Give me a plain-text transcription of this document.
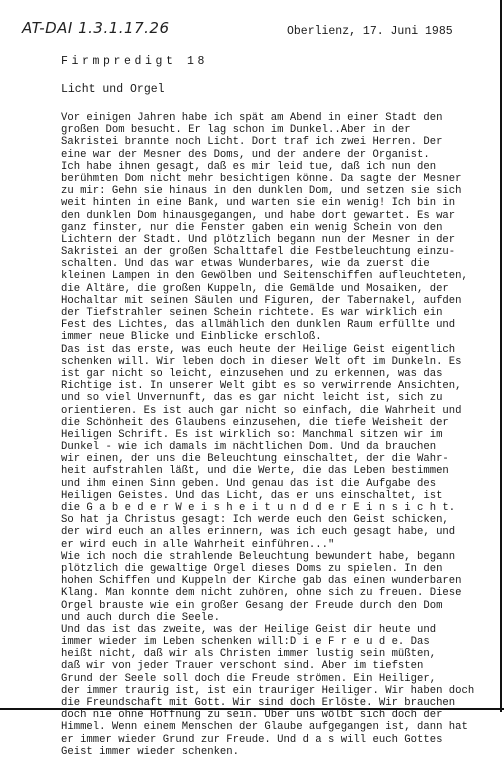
AT-DAI 1.3.1.17.26	Oberlienz, 17. Juni 1985
Firmpredigt 18
Licht und Orgel
Vor einigen Jahren habe ich spät am Abend in einer Stadt den
großen Dom besucht. Er lag schon im Dunkel..Aber in der
Sakristei brannte noch Licht. Dort traf ich zwei Herren. Der
eine war der Mesner des Doms, und der andere der Organist.
Ich habe ihnen gesagt, daß es mir leid tue, daß ich nun den
berühmten Dom nicht mehr besichtigen könne. Da sagte der Mesner
zu mir: Gehn sie hinaus in den dunklen Dom, und setzen sie sich
weit hinten in eine Bank, und warten sie ein wenig! Ich bin in
den dunklen Dom hinausgegangen, und habe dort gewartet. Es war
ganz finster, nur die Fenster gaben ein wenig Schein von den
Lichtern der Stadt. Und plötzlich begann nun der Mesner in der
Sakristei an der großen Schalttafel die Festbeleuchtung einzu-
schalten. Und das war etwas Wunderbares, wie da zuerst die
kleinen Lampen in den Gewölben und Seitenschiffen aufleuchteten,
die Altäre, die großen Kuppeln, die Gemälde und Mosaiken, der
Hochaltar mit seinen Säulen und Figuren, der Tabernakel, aufden
der Tiefstrahler seinen Schein richtete. Es war wirklich ein
Fest des Lichtes, das allmählich den dunklen Raum erfüllte und
immer neue Blicke und Einblicke erschloß.
Das ist das erste, was euch heute der Heilige Geist eigentlich
schenken will. Wir leben doch in dieser Welt oft im Dunkeln. Es
ist gar nicht so leicht, einzusehen und zu erkennen, was das
Richtige ist. In unserer Welt gibt es so verwirrende Ansichten,
und so viel Unvernunft, das es gar nicht leicht ist, sich zu
orientieren. Es ist auch gar nicht so einfach, die Wahrheit und
die Schönheit des Glaubens einzusehen, die tiefe Weisheit der
Heiligen Schrift. Es ist wirklich so: Manchmal sitzen wir im
Dunkel - wie ich damals im nächtlichen Dom. Und da brauchen
wir einen, der uns die Beleuchtung einschaltet, der die Wahr-
heit aufstrahlen läßt, und die Werte, die das Leben bestimmen
und ihm einen Sinn geben. Und genau das ist die Aufgabe des
Heiligen Geistes. Und das Licht, das er uns einschaltet, ist
die G a b e d e r W e i s h e i t u n d d e r E i n s i c h t.
So hat ja Christus gesagt: Ich werde euch den Geist schicken,
der wird euch an alles erinnern, was ich euch gesagt habe, und
er wird euch in alle Wahrheit einführen..."
Wie ich noch die strahlende Beleuchtung bewundert habe, begann
plötzlich die gewaltige Orgel dieses Doms zu spielen. In den
hohen Schiffen und Kuppeln der Kirche gab das einen wunderbaren
Klang. Man konnte dem nicht zuhören, ohne sich zu freuen. Diese
Orgel brauste wie ein großer Gesang der Freude durch den Dom
und auch durch die Seele.
Und das ist das zweite, was der Heilige Geist dir heute und
immer wieder im Leben schenken will:D i e F r e u d e. Das
heißt nicht, daß wir als Christen immer lustig sein müßten,
daß wir von jeder Trauer verschont sind. Aber im tiefsten
Grund der Seele soll doch die Freude strömen. Ein Heiliger,
der immer traurig ist, ist ein trauriger Heiliger. Wir haben doch
die Freundschaft mit Gott. Wir sind doch Erlöste. Wir brauchen
doch nie ohne Hoffnung zu sein. Über uns wölbt sich doch der
Himmel. Wenn einem Menschen der Glaube aufgegangen ist, dann hat
er immer wieder Grund zur Freude. Und d a s will euch Gottes
Geist immer wieder schenken.
